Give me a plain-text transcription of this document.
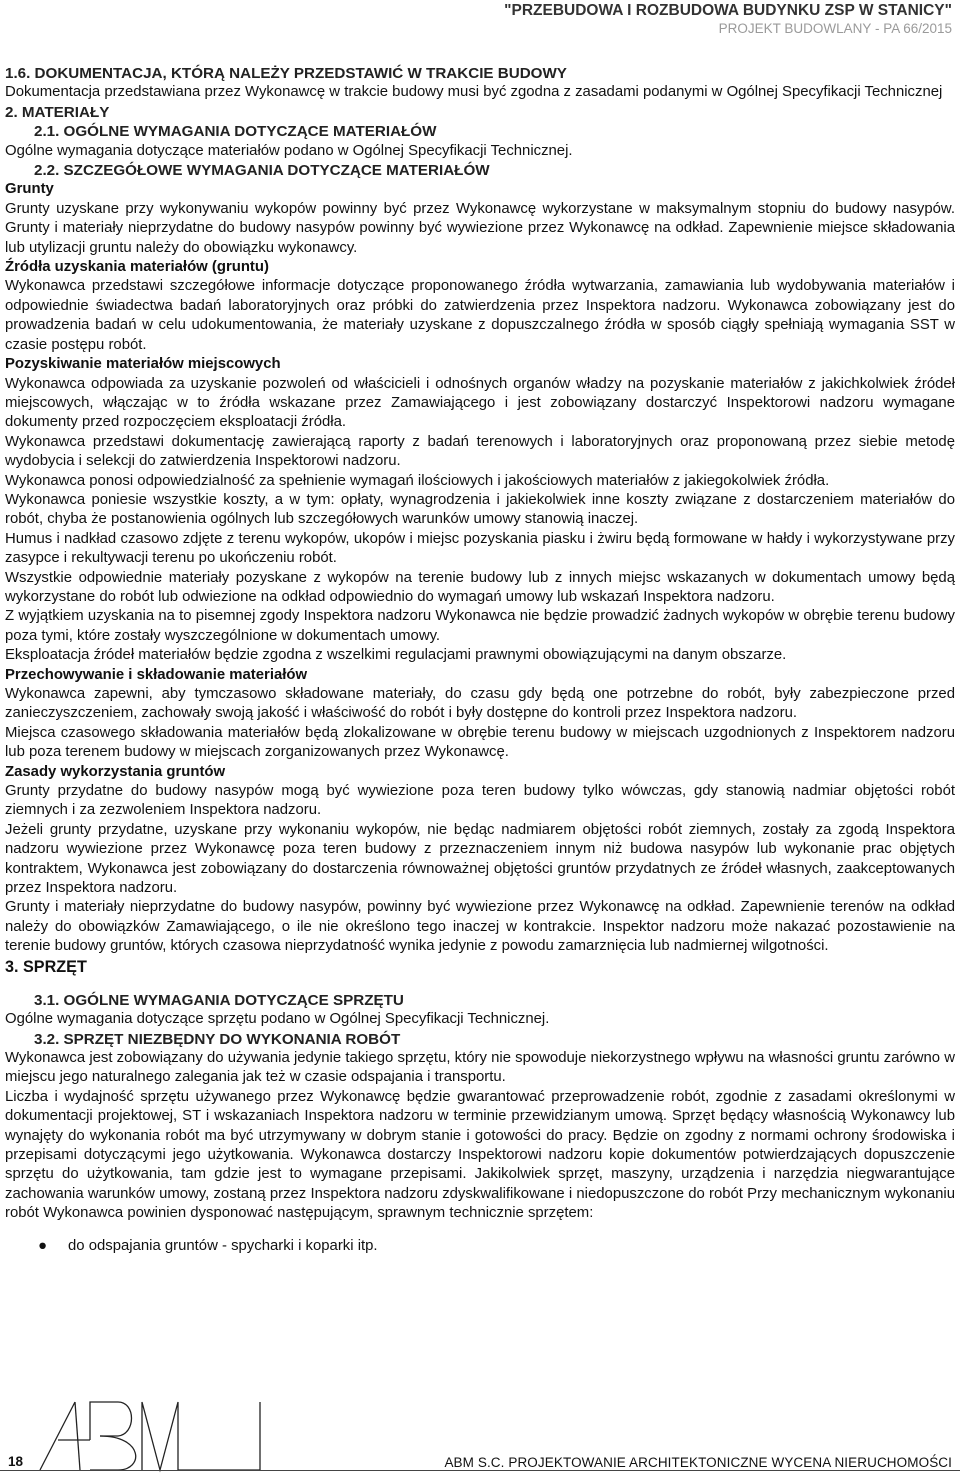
"PRZEBUDOWA I ROZBUDOWA BUDYNKU ZSP W STANICY"
PROJEKT BUDOWLANY - PA 66/2015

1.6. DOKUMENTACJA, KTÓRĄ NALEŻY PRZEDSTAWIĆ W TRAKCIE BUDOWY

Dokumentacja przedstawiana przez Wykonawcę w trakcie budowy musi być zgodna z zasadami podanymi w Ogólnej Specyfikacji Technicznej

2. MATERIAŁY

2.1. OGÓLNE WYMAGANIA DOTYCZĄCE MATERIAŁÓW

Ogólne wymagania dotyczące materiałów podano w Ogólnej Specyfikacji Technicznej.

2.2. SZCZEGÓŁOWE WYMAGANIA DOTYCZĄCE MATERIAŁÓW

Grunty

Grunty uzyskane przy wykonywaniu wykopów powinny być przez Wykonawcę wykorzystane w maksymalnym stopniu do budowy nasypów. Grunty i materiały nieprzydatne do budowy nasypów powinny być wywiezione przez Wykonawcę na odkład. Zapewnienie miejsce składowania lub utylizacji gruntu należy do obowiązku wykonawcy.

Źródła uzyskania materiałów (gruntu)

Wykonawca przedstawi szczegółowe informacje dotyczące proponowanego źródła wytwarzania, zamawiania lub wydobywania materiałów i odpowiednie świadectwa badań laboratoryjnych oraz próbki do zatwierdzenia przez Inspektora nadzoru. Wykonawca zobowiązany jest do prowadzenia badań w celu udokumentowania, że materiały uzyskane z dopuszczalnego źródła w sposób ciągły spełniają wymagania SST w czasie postępu robót.

Pozyskiwanie materiałów miejscowych

Wykonawca odpowiada za uzyskanie pozwoleń od właścicieli i odnośnych organów władzy na pozyskanie materiałów z jakichkolwiek źródeł miejscowych, włączając w to źródła wskazane przez Zamawiającego i jest zobowiązany dostarczyć Inspektorowi nadzoru wymagane dokumenty przed rozpoczęciem eksploatacji źródła.

Wykonawca przedstawi dokumentację zawierającą raporty z badań terenowych i laboratoryjnych oraz proponowaną przez siebie metodę wydobycia i selekcji do zatwierdzenia Inspektorowi nadzoru.

Wykonawca ponosi odpowiedzialność za spełnienie wymagań ilościowych i jakościowych materiałów z jakiegokolwiek źródła.

Wykonawca poniesie wszystkie koszty, a w tym: opłaty, wynagrodzenia i jakiekolwiek inne koszty związane z dostarczeniem materiałów do robót, chyba że postanowienia ogólnych lub szczegółowych warunków umowy stanowią inaczej.

Humus i nadkład czasowo zdjęte z terenu wykopów, ukopów i miejsc pozyskania piasku i żwiru będą formowane w hałdy i wykorzystywane przy zasypce i rekultywacji terenu po ukończeniu robót.

Wszystkie odpowiednie materiały pozyskane z wykopów na terenie budowy lub z innych miejsc wskazanych w dokumentach umowy będą wykorzystane do robót lub odwiezione na odkład odpowiednio do wymagań umowy lub wskazań Inspektora nadzoru.

Z wyjątkiem uzyskania na to pisemnej zgody Inspektora nadzoru Wykonawca nie będzie prowadzić żadnych wykopów w obrębie terenu budowy poza tymi, które zostały wyszczególnione w dokumentach umowy.

Eksploatacja źródeł materiałów będzie zgodna z wszelkimi regulacjami prawnymi obowiązującymi na danym obszarze.

Przechowywanie i składowanie materiałów

Wykonawca zapewni, aby tymczasowo składowane materiały, do czasu gdy będą one potrzebne do robót, były zabezpieczone przed zanieczyszczeniem, zachowały swoją jakość i właściwość do robót i były dostępne do kontroli przez Inspektora nadzoru.

Miejsca czasowego składowania materiałów będą zlokalizowane w obrębie terenu budowy w miejscach uzgodnionych z Inspektorem nadzoru lub poza terenem budowy w miejscach zorganizowanych przez Wykonawcę.

Zasady wykorzystania gruntów

Grunty przydatne do budowy nasypów mogą być wywiezione poza teren budowy tylko wówczas, gdy stanowią nadmiar objętości robót ziemnych i za zezwoleniem Inspektora nadzoru.

Jeżeli grunty przydatne, uzyskane przy wykonaniu wykopów, nie będąc nadmiarem objętości robót ziemnych, zostały za zgodą Inspektora nadzoru wywiezione przez Wykonawcę poza teren budowy z przeznaczeniem innym niż budowa nasypów lub wykonanie prac objętych kontraktem, Wykonawca jest zobowiązany do dostarczenia równoważnej objętości gruntów przydatnych ze źródeł własnych, zaakceptowanych przez Inspektora nadzoru.

Grunty i materiały nieprzydatne do budowy nasypów, powinny być wywiezione przez Wykonawcę na odkład. Zapewnienie terenów na odkład należy do obowiązków Zamawiającego, o ile nie określono tego inaczej w kontrakcie. Inspektor nadzoru może nakazać pozostawienie na terenie budowy gruntów, których czasowa nieprzydatność wynika jedynie z powodu zamarznięcia lub nadmiernej wilgotności.

3. SPRZĘT

3.1. OGÓLNE WYMAGANIA DOTYCZĄCE SPRZĘTU

Ogólne wymagania dotyczące sprzętu podano w Ogólnej Specyfikacji Technicznej.

3.2. SPRZĘT NIEZBĘDNY DO WYKONANIA ROBÓT

Wykonawca jest zobowiązany do używania jedynie takiego sprzętu, który nie spowoduje niekorzystnego wpływu na własności gruntu zarówno w miejscu jego naturalnego zalegania jak też w czasie odspajania i transportu.

Liczba i wydajność sprzętu używanego przez Wykonawcę będzie gwarantować przeprowadzenie robót, zgodnie z zasadami określonymi w dokumentacji projektowej, ST i wskazaniach Inspektora nadzoru w terminie przewidzianym umową. Sprzęt będący własnością Wykonawcy lub wynajęty do wykonania robót ma być utrzymywany w dobrym stanie i gotowości do pracy. Będzie on zgodny z normami ochrony środowiska i przepisami dotyczącymi jego użytkowania. Wykonawca dostarczy Inspektorowi nadzoru kopie dokumentów potwierdzających dopuszczenie sprzętu do użytkowania, tam gdzie jest to wymagane przepisami. Jakikolwiek sprzęt, maszyny, urządzenia i narzędzia niegwarantujące zachowania warunków umowy, zostaną przez Inspektora nadzoru zdyskwalifikowane i niedopuszczone do robót Przy mechanicznym wykonaniu robót Wykonawca powinien dysponować następującym, sprawnym technicznie sprzętem:

● do odspajania gruntów - spycharki i koparki itp.
18	ABM S.C. PROJEKTOWANIE ARCHITEKTONICZNE WYCENA NIERUCHOMOŚCI
